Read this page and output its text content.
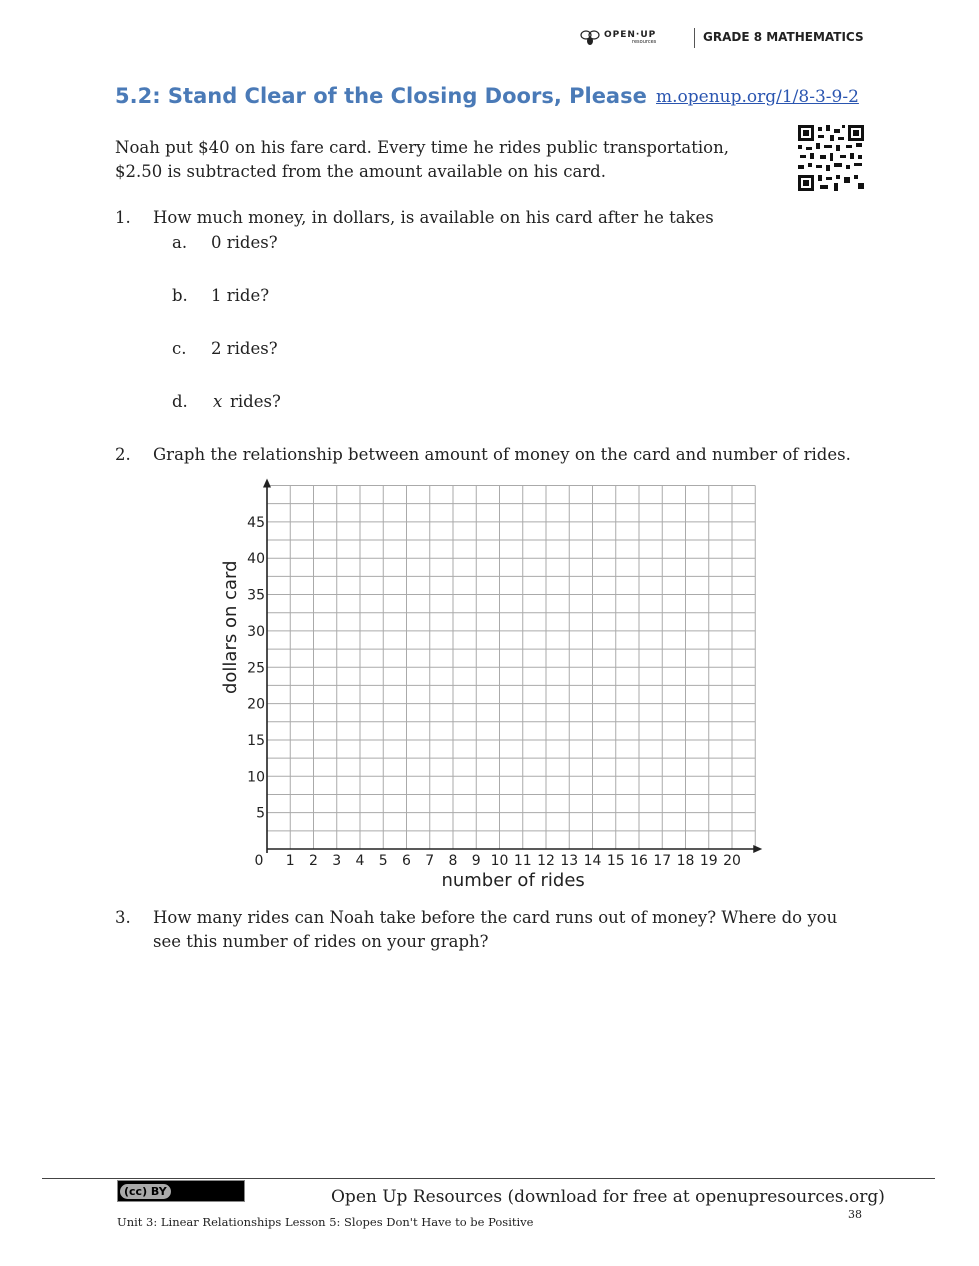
OPEN·UP
resources	GRADE 8 MATHEMATICS
5.2: Stand Clear of the Closing Doors, Please m.openup.org/1/8-3-9-2
Noah put $40 on his fare card. Every time he rides public transportation, $2.50 is subtracted from the amount available on his card.
1. How much money, in dollars, is available on his card after he takes
a. 0 rides?
b. 1 ride?
c. 2 rides?
d. x rides?
2. Graph the relationship between amount of money on the card and number of rides.
1 2 3 4 5 6 7 8 9 10 11 12 13 14 15 16 17 18 19 20
5
10
15
20
25
30
35
40
45
0
number of rides
dollars on card
3. How many rides can Noah take before the card runs out of money? Where do you see this number of rides on your graph?
(cc) BY	Open Up Resources (download for free at openupresources.org)
38
Unit 3: Linear Relationships Lesson 5: Slopes Don't Have to be Positive
